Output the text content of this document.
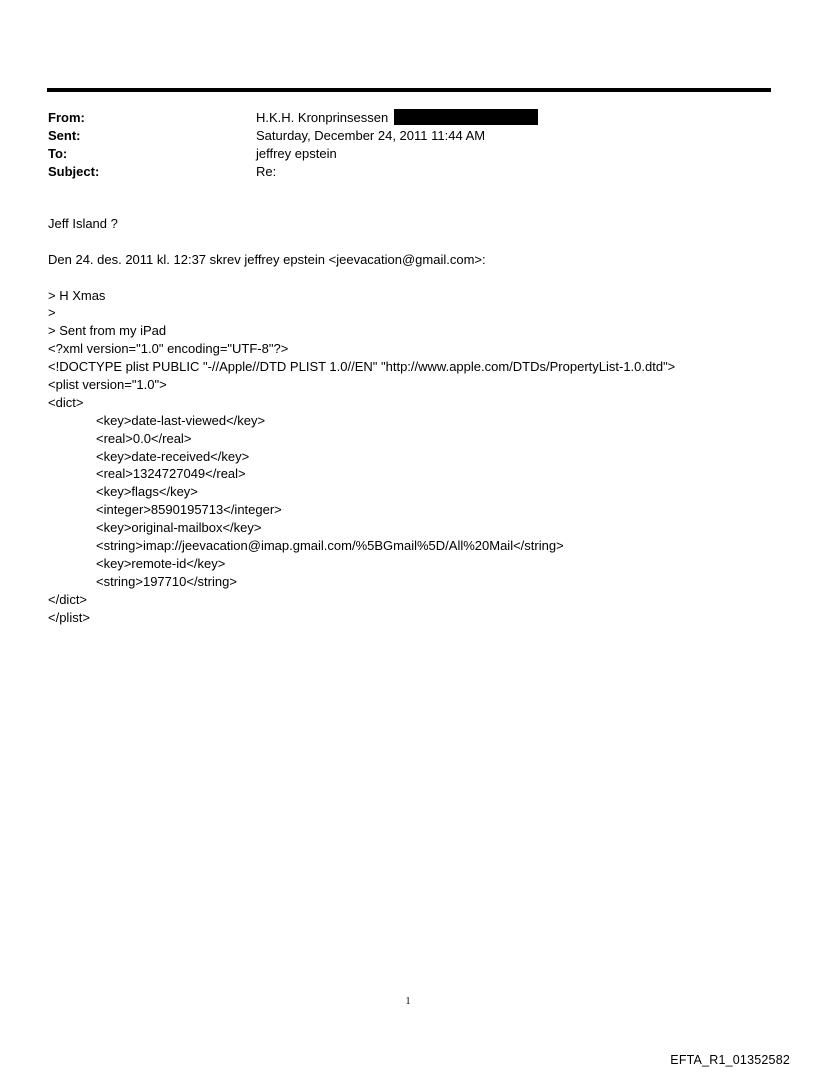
From:	H.K.H. Kronprinsessen
Sent:	Saturday, December 24, 2011 11:44 AM
To:	jeffrey epstein
Subject:	Re:
Jeff Island ?
Den 24. des. 2011 kl. 12:37 skrev jeffrey epstein <jeevacation@gmail.com>:
> H Xmas
>
> Sent from my iPad
<?xml version="1.0" encoding="UTF-8"?>
<!DOCTYPE plist PUBLIC "-//Apple//DTD PLIST 1.0//EN" "http://www.apple.com/DTDs/PropertyList-1.0.dtd">
<plist version="1.0">
<dict>
<key>date-last-viewed</key>
<real>0.0</real>
<key>date-received</key>
<real>1324727049</real>
<key>flags</key>
<integer>8590195713</integer>
<key>original-mailbox</key>
<string>imap://jeevacation@imap.gmail.com/%5BGmail%5D/All%20Mail</string>
<key>remote-id</key>
<string>197710</string>
</dict>
</plist>
1
EFTA_R1_01352582
